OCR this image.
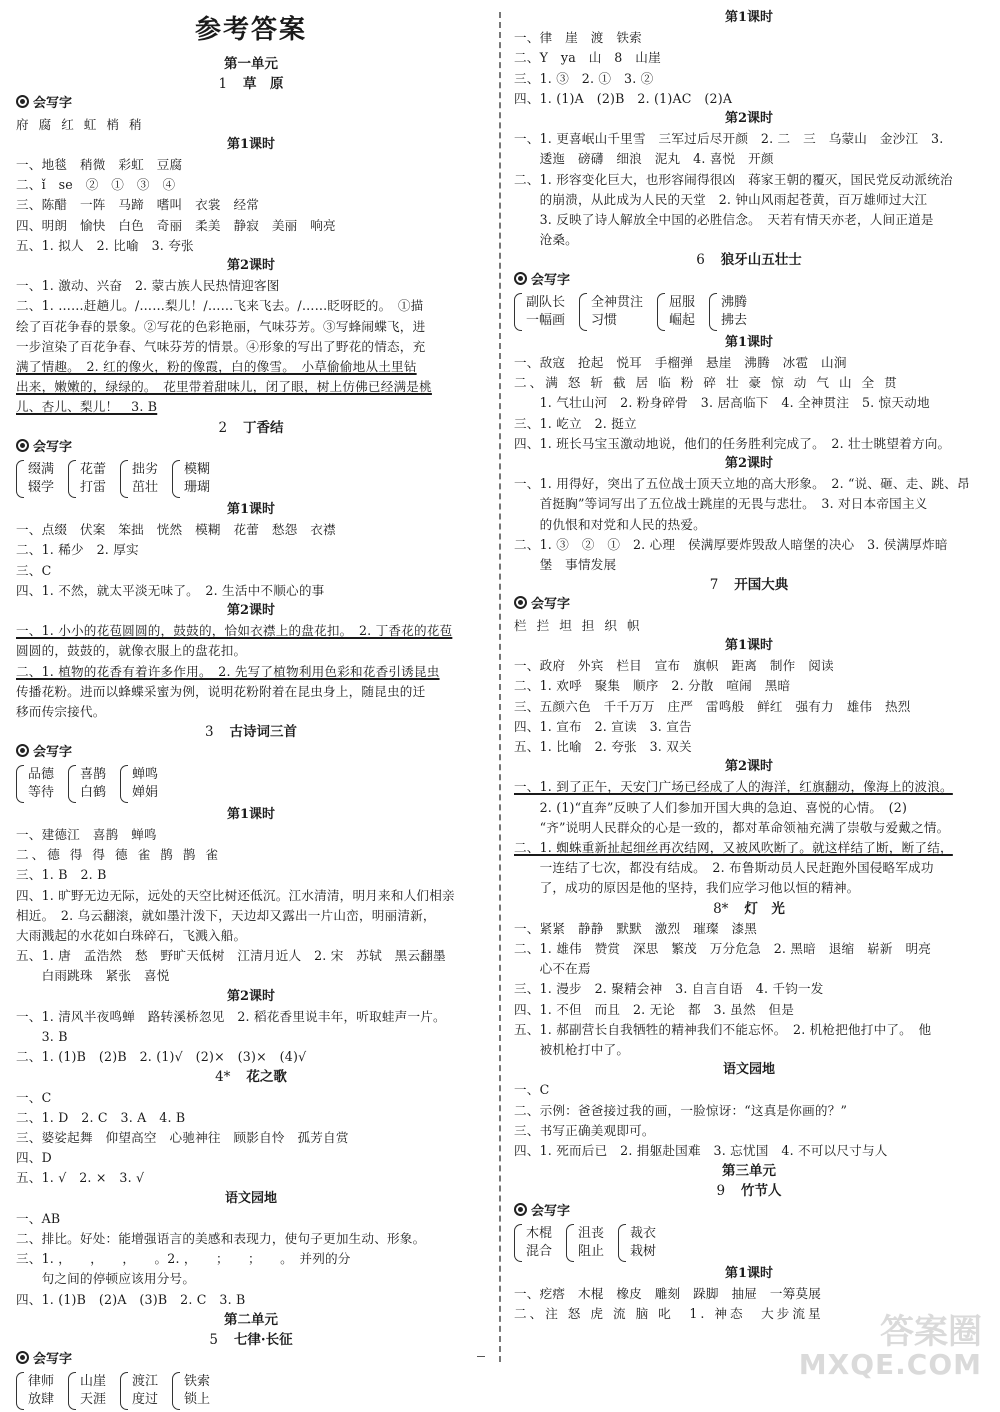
参考答案
第一单元
1 草　原
会写字
府 腐 红 虹 梢 稍
第1课时
一、地毯　稍微　彩虹　豆腐
二、ǐ　se　②　①　③　④
三、陈醋　一阵　马蹄　嗜叫　衣裳　经常
四、明朗　愉快　白色　奇丽　柔美　静寂　美丽　响亮
五、1. 拟人　2. 比喻　3. 夸张
第2课时
一、1. 激动、兴奋　2. 蒙古族人民热情迎客图
二、1. ……赶趟儿。/……梨儿！/……飞来飞去。/……眨呀眨的。　①描
绘了百花争春的景象。②写花的色彩艳丽，气味芬芳。③写蜂闹蝶飞，进
一步渲染了百花争春、气味芬芳的情景。④形象的写出了野花的情态，充
满了情趣。　2. 红的像火，粉的像霞，白的像雪。　小草偷偷地从土里钻
出来，嫩嫩的，绿绿的。　花里带着甜味儿，闭了眼，树上仿佛已经满是桃
儿、杏儿、梨儿！　3. B
2 丁香结
会写字
缀满
辍学
花蕾
打雷
拙劣
茁壮
模糊
珊瑚
第1课时
一、点缀　伏案　笨拙　恍然　模糊　花蕾　愁怨　衣襟
二、1. 稀少　2. 厚实
三、C
四、1. 不然，就太平淡无味了。　2. 生活中不顺心的事
第2课时
一、1. 小小的花苞圆圆的，鼓鼓的，恰如衣襟上的盘花扣。　2. 丁香花的花苞
圆圆的，鼓鼓的，就像衣服上的盘花扣。
二、1. 植物的花香有着许多作用。　2. 先写了植物利用色彩和花香引诱昆虫
传播花粉。进而以蜂蝶采蜜为例，说明花粉附着在昆虫身上，随昆虫的迁
移而传宗接代。
3 古诗词三首
会写字
品德
等待
喜鹊
白鹤
蝉鸣
婵娟
第1课时
一、建德江　喜鹊　蝉鸣
二、德 得 得 德 雀 鹊 鹊 雀
三、1. B　2. B
四、1. 旷野无边无际，远处的天空比树还低沉。江水清清，明月来和人们相亲
相近。　2. 乌云翻滚，就如墨汁泼下，天边却又露出一片山峦，明丽清新，
大雨溅起的水花如白珠碎石，飞溅入船。
五、1. 唐　孟浩然　愁　野旷天低树　江清月近人　2. 宋　苏轼　黑云翻墨
　　白雨跳珠　紧张　喜悦
第2课时
一、1. 清风半夜鸣蝉　路转溪桥忽见　2. 稻花香里说丰年，听取蛙声一片。
　　3. B
二、1. (1)B　(2)B　2. (1)√　(2)×　(3)×　(4)√
4* 花之歌
一、C
二、1. D　2. C　3. A　4. B
三、婆娑起舞　仰望高空　心驰神往　顾影自怜　孤芳自赏
四、D
五、1. √　2. ×　3. √
语文园地
一、AB
二、排比。好处：能增强语言的美感和表现力，使句子更加生动、形象。
三、1. ，　　，　　，　　。2. ，　　；　　；　　。　并列的分
　　句之间的停顿应该用分号。
四、1. (1)B　(2)A　(3)B　2. C　3. B
第二单元
5 七律·长征
会写字
律师
放肆
山崖
天涯
渡江
度过
铁索
锁上
第1课时
一、律　崖　渡　铁索
二、Y　ya　山　8　山崖
三、1. ③　2. ①　3. ②
四、1. (1)A　(2)B　2. (1)AC　(2)A
第2课时
一、1. 更喜岷山千里雪　三军过后尽开颜　2. 二　三　乌蒙山　金沙江　3.
　　逶迤　磅礴　细浪　泥丸　4. 喜悦　开颜
二、1. 形容变化巨大，也形容闹得很凶　蒋家王朝的覆灭，国民党反动派统治
　　的崩溃，从此成为人民的天堂　2. 钟山风雨起苍黄，百万雄师过大江
　　3. 反映了诗人解放全中国的必胜信念。　天若有情天亦老，人间正道是
　　沧桑。
6 狼牙山五壮士
会写字
副队长
一幅画
全神贯注
习惯
屈服
崛起
沸腾
拂去
第1课时
一、敌寇　抢起　悦耳　手榴弹　悬崖　沸腾　冰雹　山涧
二、满 怒 斩 截 居 临 粉 碎 壮 豪 惊 动 气 山 全 贯
　　1. 气壮山河　2. 粉身碎骨　3. 居高临下　4. 全神贯注　5. 惊天动地
三、1. 屹立　2. 挺立
四、1. 班长马宝玉激动地说，他们的任务胜利完成了。　2. 壮士眺望着方向。
第2课时
一、1. 用得好，突出了五位战士顶天立地的高大形象。　2. “说、砸、走、跳、昂
　　首挺胸”等词写出了五位战士跳崖的无畏与悲壮。　3. 对日本帝国主义
　　的仇恨和对党和人民的热爱。
二、1. ③　②　①　2. 心理　侯满厚要炸毁敌人暗堡的决心　3. 侯满厚炸暗
　　堡　事情发展
7 开国大典
会写字
栏 拦 坦 担 织 帜
第1课时
一、政府　外宾　栏目　宣布　旗帜　距离　制作　阅读
二、1. 欢呼　聚集　顺序　2. 分散　喧闹　黑暗
三、五颜六色　千千万万　庄严　雷鸣般　鲜红　强有力　雄伟　热烈
四、1. 宣布　2. 宣读　3. 宣告
五、1. 比喻　2. 夸张　3. 双关
第2课时
一、1. 到了正午，天安门广场已经成了人的海洋，红旗翻动，像海上的波浪。
　　2. (1)“直奔”反映了人们参加开国大典的急迫、喜悦的心情。　(2)
　　“齐”说明人民群众的心是一致的，都对革命领袖充满了崇敬与爱戴之情。
二、1. 蜘蛛重新扯起细丝再次结网，又被风吹断了。就这样结了断，断了结，
　　一连结了七次，都没有结成。　2. 布鲁斯动员人民赶跑外国侵略军成功
　　了，成功的原因是他的坚持，我们应学习他以恒的精神。
8* 灯　光
一、紧紧　静静　默默　激烈　璀璨　漆黑
二、1. 雄伟　赞赏　深思　繁茂　万分危急　2. 黑暗　退缩　崭新　明亮
　　心不在焉
三、1. 漫步　2. 聚精会神　3. 自言自语　4. 千钧一发
四、1. 不但　而且　2. 无论　都　3. 虽然　但是
五、1. 郝副营长自我牺牲的精神我们不能忘怀。　2. 机枪把他打中了。　他
　　被机枪打中了。
语文园地
一、C
二、示例：爸爸接过我的画，一脸惊讶：“这真是你画的？”
三、书写正确美观即可。
四、1. 死而后已　2. 捐躯赴国难　3. 忘忧国　4. 不可以尺寸与人
第三单元
9 竹节人
会写字
木棍
混合
沮丧
阻止
裁衣
栽树
第1课时
一、疙瘩　木棍　橡皮　雕刻　跺脚　抽屉　一筹莫展
二、注 怒 虎 流 脑 叱　1. 神态　大步流星	答案圈
MXQE.COM
